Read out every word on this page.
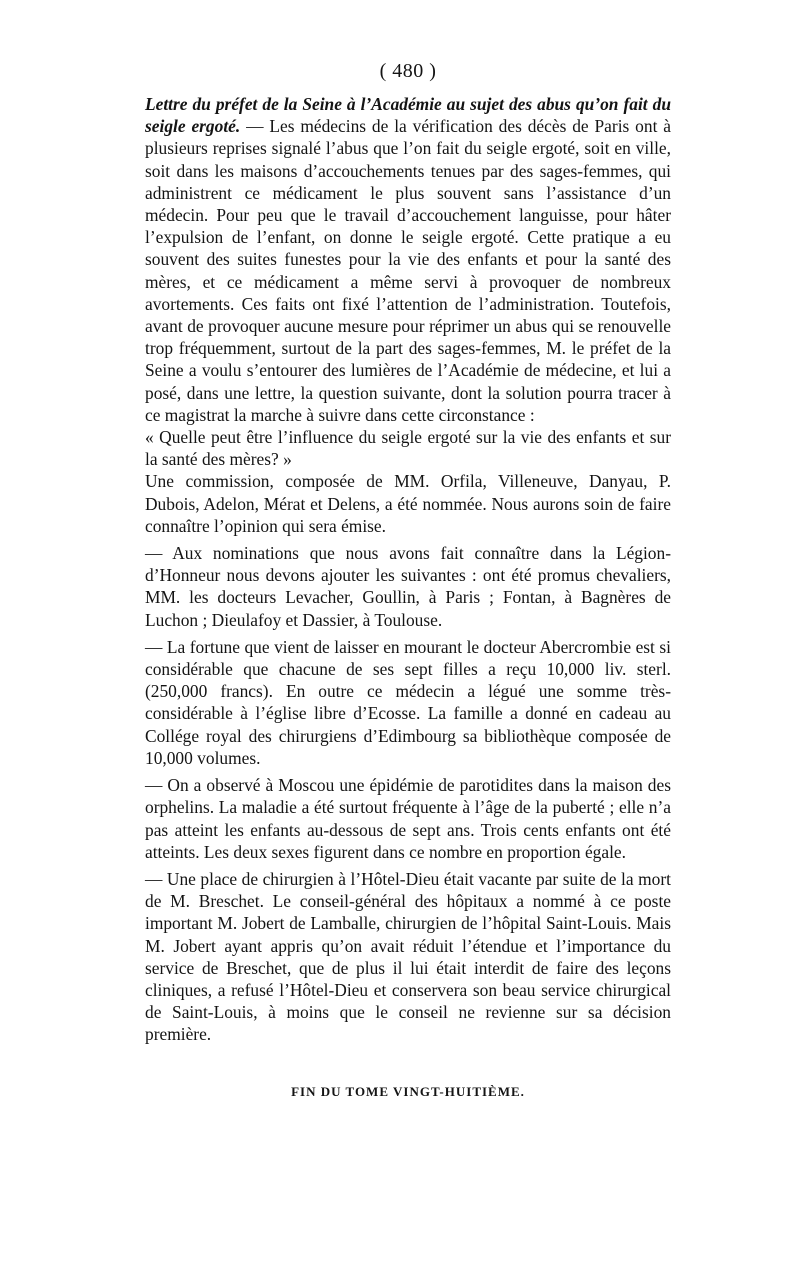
( 480 )

Lettre du préfet de la Seine à l’Académie au sujet des abus qu’on fait du seigle ergoté. — Les médecins de la vérification des décès de Paris ont à plusieurs reprises signalé l’abus que l’on fait du seigle ergoté, soit en ville, soit dans les maisons d’accouchements tenues par des sages-femmes, qui administrent ce médicament le plus souvent sans l’assistance d’un médecin. Pour peu que le travail d’accouchement languisse, pour hâter l’expulsion de l’enfant, on donne le seigle ergoté. Cette pratique a eu souvent des suites funestes pour la vie des enfants et pour la santé des mères, et ce médicament a même servi à provoquer de nombreux avortements. Ces faits ont fixé l’attention de l’administration. Toutefois, avant de provoquer aucune mesure pour réprimer un abus qui se renouvelle trop fréquemment, surtout de la part des sages-femmes, M. le préfet de la Seine a voulu s’entourer des lumières de l’Académie de médecine, et lui a posé, dans une lettre, la question suivante, dont la solution pourra tracer à ce magistrat la marche à suivre dans cette circonstance :

« Quelle peut être l’influence du seigle ergoté sur la vie des enfants et sur la santé des mères? »

Une commission, composée de MM. Orfila, Villeneuve, Danyau, P. Dubois, Adelon, Mérat et Delens, a été nommée. Nous aurons soin de faire connaître l’opinion qui sera émise.

— Aux nominations que nous avons fait connaître dans la Légion-d’Honneur nous devons ajouter les suivantes : ont été promus chevaliers, MM. les docteurs Levacher, Goullin, à Paris ; Fontan, à Bagnères de Luchon ; Dieulafoy et Dassier, à Toulouse.

— La fortune que vient de laisser en mourant le docteur Abercrombie est si considérable que chacune de ses sept filles a reçu 10,000 liv. sterl. (250,000 francs). En outre ce médecin a légué une somme très-considérable à l’église libre d’Ecosse. La famille a donné en cadeau au Collége royal des chirurgiens d’Edimbourg sa bibliothèque composée de 10,000 volumes.

— On a observé à Moscou une épidémie de parotidites dans la maison des orphelins. La maladie a été surtout fréquente à l’âge de la puberté ; elle n’a pas atteint les enfants au-dessous de sept ans. Trois cents enfants ont été atteints. Les deux sexes figurent dans ce nombre en proportion égale.

— Une place de chirurgien à l’Hôtel-Dieu était vacante par suite de la mort de M. Breschet. Le conseil-général des hôpitaux a nommé à ce poste important M. Jobert de Lamballe, chirurgien de l’hôpital Saint-Louis. Mais M. Jobert ayant appris qu’on avait réduit l’étendue et l’importance du service de Breschet, que de plus il lui était interdit de faire des leçons cliniques, a refusé l’Hôtel-Dieu et conservera son beau service chirurgical de Saint-Louis, à moins que le conseil ne revienne sur sa décision première.

FIN DU TOME VINGT-HUITIÈME.
